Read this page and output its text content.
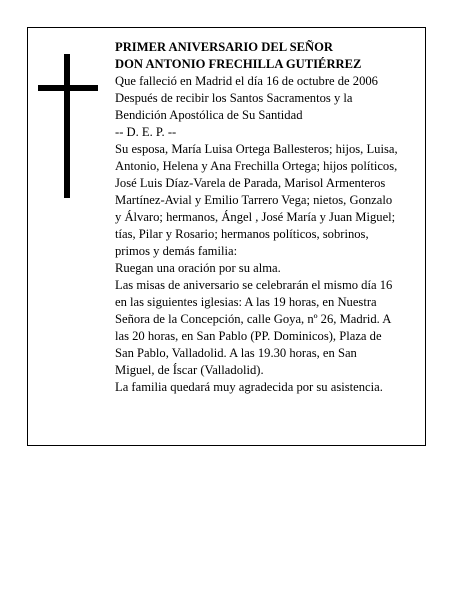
PRIMER ANIVERSARIO DEL SEÑOR
DON ANTONIO FRECHILLA GUTIÉRREZ
Que falleció en Madrid el día 16 de octubre de 2006
Después de recibir los Santos Sacramentos y la
Bendición Apostólica de Su Santidad
-- D. E. P. --
Su esposa, María Luisa Ortega Ballesteros; hijos, Luisa,
Antonio, Helena y Ana Frechilla Ortega; hijos políticos,
José Luis Díaz-Varela de Parada, Marisol Armenteros
Martínez-Avial y Emilio Tarrero Vega; nietos, Gonzalo
y Álvaro; hermanos, Ángel , José María y Juan Miguel;
tías, Pilar y Rosario; hermanos políticos, sobrinos,
primos y demás familia:
Ruegan una oración por su alma.
Las misas de aniversario se celebrarán el mismo día 16
en las siguientes iglesias: A las 19 horas, en Nuestra
Señora de la Concepción, calle Goya, nº 26, Madrid. A
las 20 horas, en San Pablo (PP. Dominicos), Plaza de
San Pablo, Valladolid. A las 19.30 horas, en San
Miguel, de Íscar (Valladolid).
La familia quedará muy agradecida por su asistencia.
